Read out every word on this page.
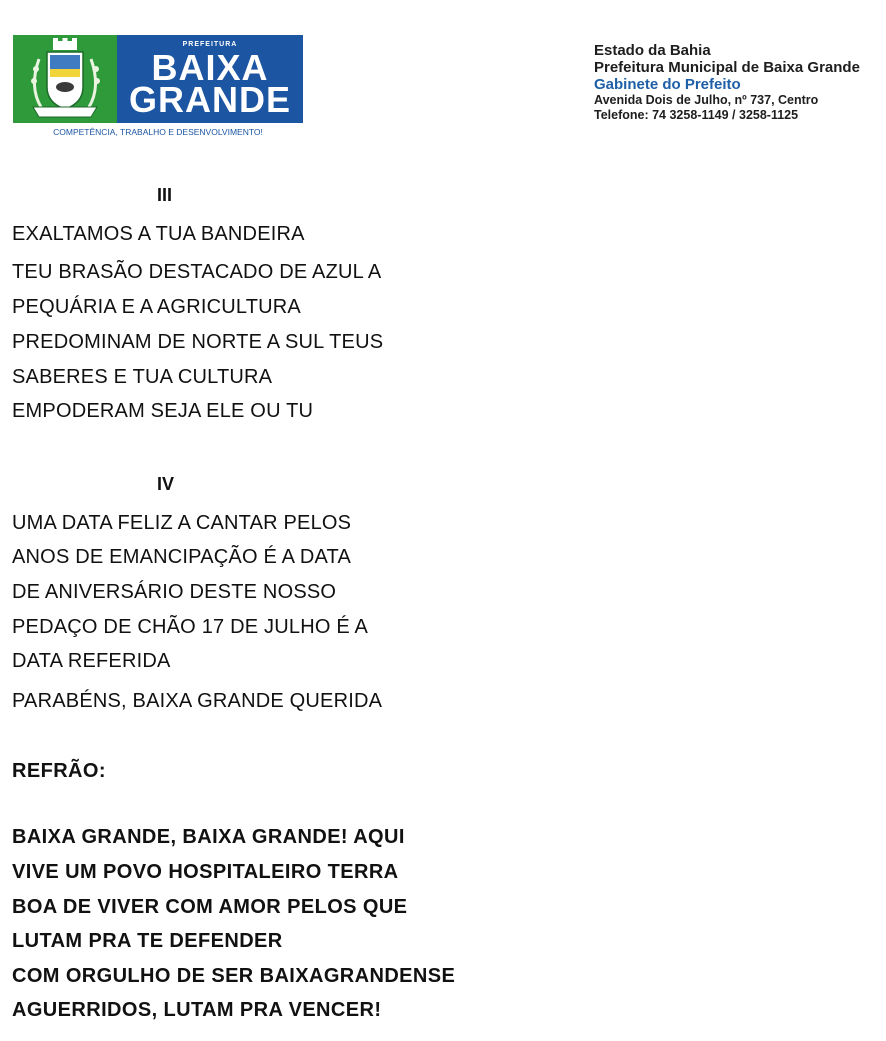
PREFEITURA
BAIXA
GRANDE
COMPETÊNCIA, TRABALHO E DESENVOLVIMENTO!
Estado da Bahia
Prefeitura Municipal de Baixa Grande
Gabinete do Prefeito
Avenida Dois de Julho, nº 737, Centro
Telefone: 74 3258-1149 / 3258-1125
III
EXALTAMOS A TUA BANDEIRA
TEU BRASÃO DESTACADO DE AZUL A
PEQUÁRIA E A AGRICULTURA
PREDOMINAM DE NORTE A SUL TEUS
SABERES E TUA CULTURA
EMPODERAM SEJA ELE OU TU
IV
UMA DATA FELIZ A CANTAR PELOS
ANOS DE EMANCIPAÇÃO É A DATA
DE ANIVERSÁRIO DESTE NOSSO
PEDAÇO DE CHÃO 17 DE JULHO É A
DATA REFERIDA
PARABÉNS, BAIXA GRANDE QUERIDA
REFRÃO:
BAIXA GRANDE, BAIXA GRANDE! AQUI
VIVE UM POVO HOSPITALEIRO TERRA
BOA DE VIVER COM AMOR PELOS QUE
LUTAM PRA TE DEFENDER
COM ORGULHO DE SER BAIXAGRANDENSE
AGUERRIDOS, LUTAM PRA VENCER!
